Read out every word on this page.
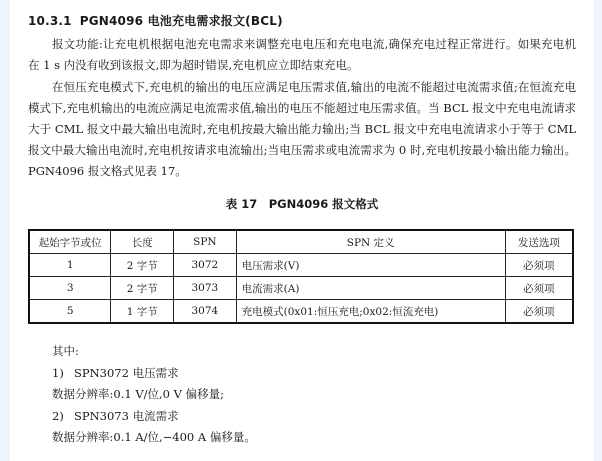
10.3.1 PGN4096 电池充电需求报文(BCL)
报文功能:让充电机根据电池充电需求来调整充电电压和充电电流,确保充电过程正常进行。如果充电机在 1 s 内没有收到该报文,即为超时错误,充电机应立即结束充电。
在恒压充电模式下,充电机的输出的电压应满足电压需求值,输出的电流不能超过电流需求值;在恒流充电模式下,充电机输出的电流应满足电流需求值,输出的电压不能超过电压需求值。当 BCL 报文中充电电流请求大于 CML 报文中最大输出电流时,充电机按最大输出能力输出;当 BCL 报文中充电电流请求小于等于 CML 报文中最大输出电流时,充电机按请求电流输出;当电压需求或电流需求为 0 时,充电机按最小输出能力输出。PGN4096 报文格式见表 17。
表 17　PGN4096 报文格式
起始字节或位	长度	SPN	SPN 定义	发送选项
1	2 字节	3072	电压需求(V)	必须项
3	2 字节	3073	电流需求(A)	必须项
5	1 字节	3074	充电模式(0x01:恒压充电;0x02:恒流充电)	必须项
其中:
1) SPN3072 电压需求
数据分辨率:0.1 V/位,0 V 偏移量;
2) SPN3073 电流需求
数据分辨率:0.1 A/位,−400 A 偏移量。
